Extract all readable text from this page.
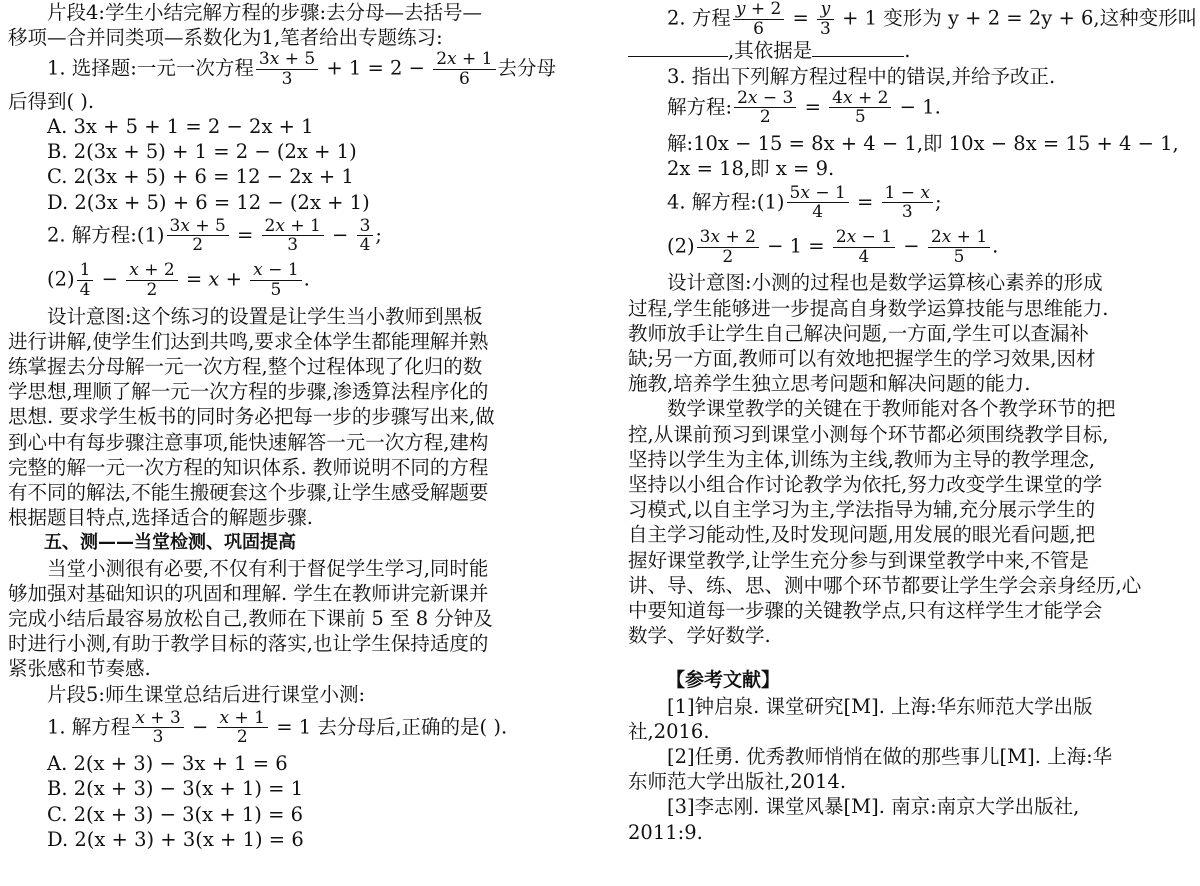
片段4:学生小结完解方程的步骤:去分母—去括号—

移项—合并同类项—系数化为1,笔者给出专题练习:

1. 选择题:一元一次方程 $\frac{3x + 5}{3} + 1 = 2 - \frac{2x + 1}{6}$ 去分母

后得到( ).

A. 3x + 5 + 1 = 2 − 2x + 1

B. 2(3x + 5) + 1 = 2 − (2x + 1)

C. 2(3x + 5) + 6 = 12 − 2x + 1

D. 2(3x + 5) + 6 = 12 − (2x + 1)

2. 解方程:(1) $\frac{3x + 5}{2} = \frac{2x + 1}{3} - \frac{3}{4}$ ;
$(2) \frac{1}{4} - \frac{x + 2}{2} = x + \frac{x - 1}{5}$ .

设计意图:这个练习的设置是让学生当小教师到黑板

进行讲解,使学生们达到共鸣,要求全体学生都能理解并熟

练掌握去分母解一元一次方程,整个过程体现了化归的数

学思想,理顺了解一元一次方程的步骤,渗透算法程序化的

思想. 要求学生板书的同时务必把每一步的步骤写出来,做

到心中有每步骤注意事项,能快速解答一元一次方程,建构

完整的解一元一次方程的知识体系. 教师说明不同的方程

有不同的解法,不能生搬硬套这个步骤,让学生感受解题要

根据题目特点,选择适合的解题步骤.

五、测——当堂检测、巩固提高

当堂小测很有必要,不仅有利于督促学生学习,同时能

够加强对基础知识的巩固和理解. 学生在教师讲完新课并

完成小结后最容易放松自己,教师在下课前 5 至 8 分钟及

时进行小测,有助于教学目标的落实,也让学生保持适度的

紧张感和节奏感.

片段5:师生课堂总结后进行课堂小测:

1. 解方程 $\frac{x + 3}{3} - \frac{x + 1}{2} = 1$ 去分母后,正确的是( ).

A. 2(x + 3) − 3x + 1 = 6

B. 2(x + 3) − 3(x + 1) = 1

C. 2(x + 3) − 3(x + 1) = 6

D. 2(x + 3) + 3(x + 1) = 6

2. 方程 $\frac{y + 2}{6} = \frac{y}{3} + 1$ 变形为 y + 2 = 2y + 6,这种变形叫

,其依据是	.

3. 指出下列解方程过程中的错误,并给予改正.

解方程: $\frac{2x - 3}{2} = \frac{4x + 2}{5} - 1$.

解:10x − 15 = 8x + 4 − 1,即 10x − 8x = 15 + 4 − 1,

2x = 18,即 x = 9.

4. 解方程:(1) $\frac{5x - 1}{4} = \frac{1 - x}{3}$ ;
$(2) \frac{3x + 2}{2} - 1 = \frac{2x - 1}{4} - \frac{2x + 1}{5}$ .

设计意图:小测的过程也是数学运算核心素养的形成

过程,学生能够进一步提高自身数学运算技能与思维能力.

教师放手让学生自己解决问题,一方面,学生可以查漏补

缺;另一方面,教师可以有效地把握学生的学习效果,因材

施教,培养学生独立思考问题和解决问题的能力.

数学课堂教学的关键在于教师能对各个教学环节的把

控,从课前预习到课堂小测每个环节都必须围绕教学目标,

坚持以学生为主体,训练为主线,教师为主导的教学理念,

坚持以小组合作讨论教学为依托,努力改变学生课堂的学

习模式,以自主学习为主,学法指导为辅,充分展示学生的

自主学习能动性,及时发现问题,用发展的眼光看问题,把

握好课堂教学,让学生充分参与到课堂教学中来,不管是

讲、导、练、思、测中哪个环节都要让学生学会亲身经历,心

中要知道每一步骤的关键教学点,只有这样学生才能学会

数学、学好数学.

【参考文献】

[1]钟启泉. 课堂研究[M]. 上海:华东师范大学出版

社,2016.

[2]任勇. 优秀教师悄悄在做的那些事儿[M]. 上海:华

东师范大学出版社,2014.

[3]李志刚. 课堂风暴[M]. 南京:南京大学出版社,

2011:9.
